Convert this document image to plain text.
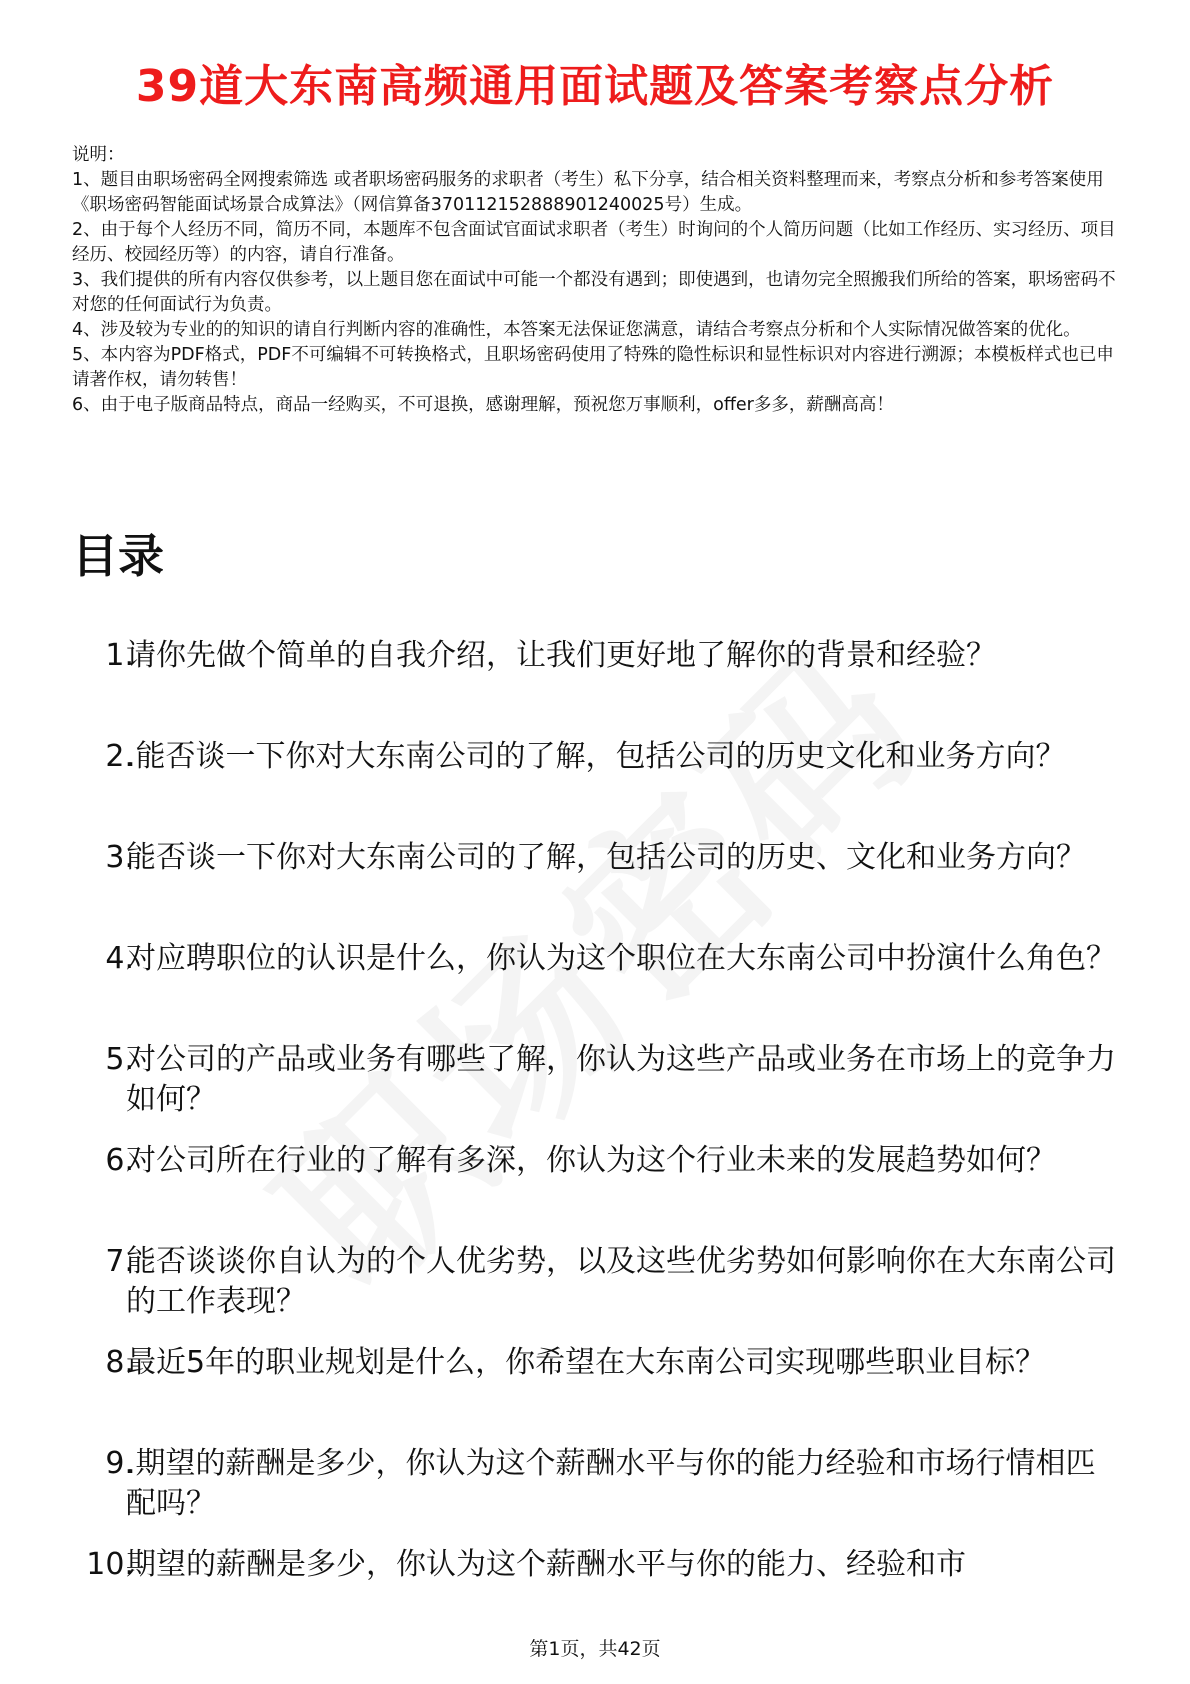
39道大东南高频通用面试题及答案考察点分析

说明：

1、题目由职场密码全网搜索筛选 或者职场密码服务的求职者（考生）私下分享，结合相关资料整理而来，考察点分析和参考答案使用《职场密码智能面试场景合成算法》（网信算备370112152888901240025号）生成。

2、由于每个人经历不同，简历不同，本题库不包含面试官面试求职者（考生）时询问的个人简历问题（比如工作经历、实习经历、项目经历、校园经历等）的内容，请自行准备。

3、我们提供的所有内容仅供参考，以上题目您在面试中可能一个都没有遇到；即使遇到，也请勿完全照搬我们所给的答案，职场密码不对您的任何面试行为负责。

4、涉及较为专业的的知识的请自行判断内容的准确性，本答案无法保证您满意，请结合考察点分析和个人实际情况做答案的优化。

5、本内容为PDF格式，PDF不可编辑不可转换格式，且职场密码使用了特殊的隐性标识和显性标识对内容进行溯源；本模板样式也已申请著作权，请勿转售！

6、由于电子版商品特点，商品一经购买，不可退换，感谢理解，预祝您万事顺利，offer多多，薪酬高高！

目录
1.
请你先做个简单的自我介绍，让我们更好地了解你的背景和经验？
2.
.能否谈一下你对大东南公司的了解，包括公司的历史文化和业务方向？
3.
能否谈一下你对大东南公司的了解，包括公司的历史、文化和业务方向？
4.
对应聘职位的认识是什么，你认为这个职位在大东南公司中扮演什么角色？
5.
对公司的产品或业务有哪些了解，你认为这些产品或业务在市场上的竞争力如何？
6.
对公司所在行业的了解有多深，你认为这个行业未来的发展趋势如何？
7.
能否谈谈你自认为的个人优劣势，以及这些优劣势如何影响你在大东南公司的工作表现？
8.
最近5年的职业规划是什么，你希望在大东南公司实现哪些职业目标？
9.
.期望的薪酬是多少，你认为这个薪酬水平与你的能力经验和市场行情相匹配吗？
10.
期望的薪酬是多少，你认为这个薪酬水平与你的能力、经验和市
第1页，共42页
